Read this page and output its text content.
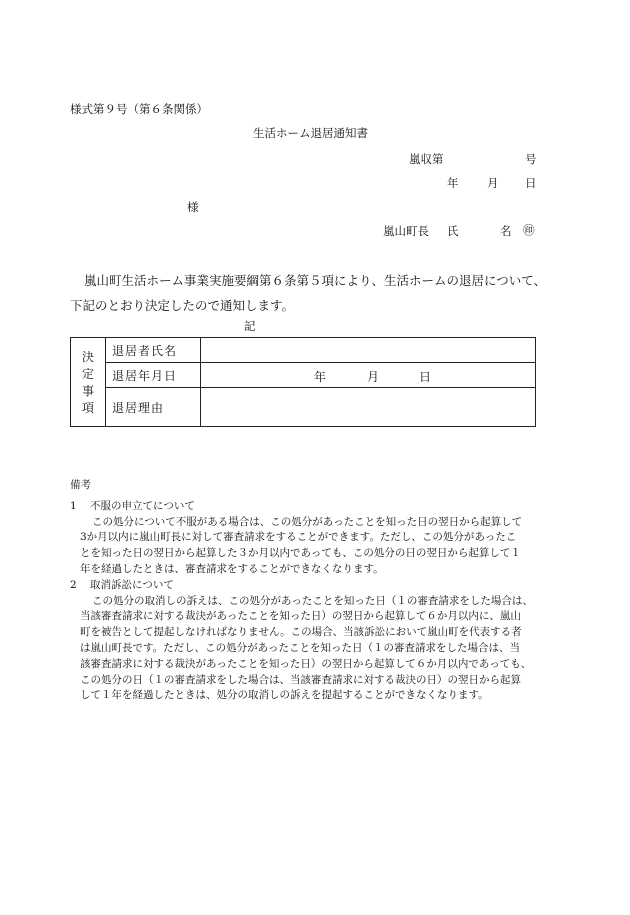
様式第９号（第６条関係）
生活ホーム退居通知書
嵐収第	号
年 月 日
様
嵐山町長 氏	名 ㊞
嵐山町生活ホーム事業実施要綱第６条第５項により、生活ホームの退居について、
下記のとおり決定したので通知します。
記
決
定
事
項	退居者氏名	
	退居年月日	年 月 日

	退居理由	

備考

1 不服の申立てについて

この処分について不服がある場合は、この処分があったことを知った日の翌日から起算して

3か月以内に嵐山町長に対して審査請求をすることができます。ただし、この処分があったこ

とを知った日の翌日から起算した３か月以内であっても、この処分の日の翌日から起算して１

年を経過したときは、審査請求をすることができなくなります。

2 取消訴訟について

この処分の取消しの訴えは、この処分があったことを知った日（１の審査請求をした場合は、

当該審査請求に対する裁決があったことを知った日）の翌日から起算して６か月以内に、嵐山

町を被告として提起しなければなりません。この場合、当該訴訟において嵐山町を代表する者

は嵐山町長です。ただし、この処分があったことを知った日（１の審査請求をした場合は、当

該審査請求に対する裁決があったことを知った日）の翌日から起算して６か月以内であっても、

この処分の日（１の審査請求をした場合は、当該審査請求に対する裁決の日）の翌日から起算

して１年を経過したときは、処分の取消しの訴えを提起することができなくなります。
